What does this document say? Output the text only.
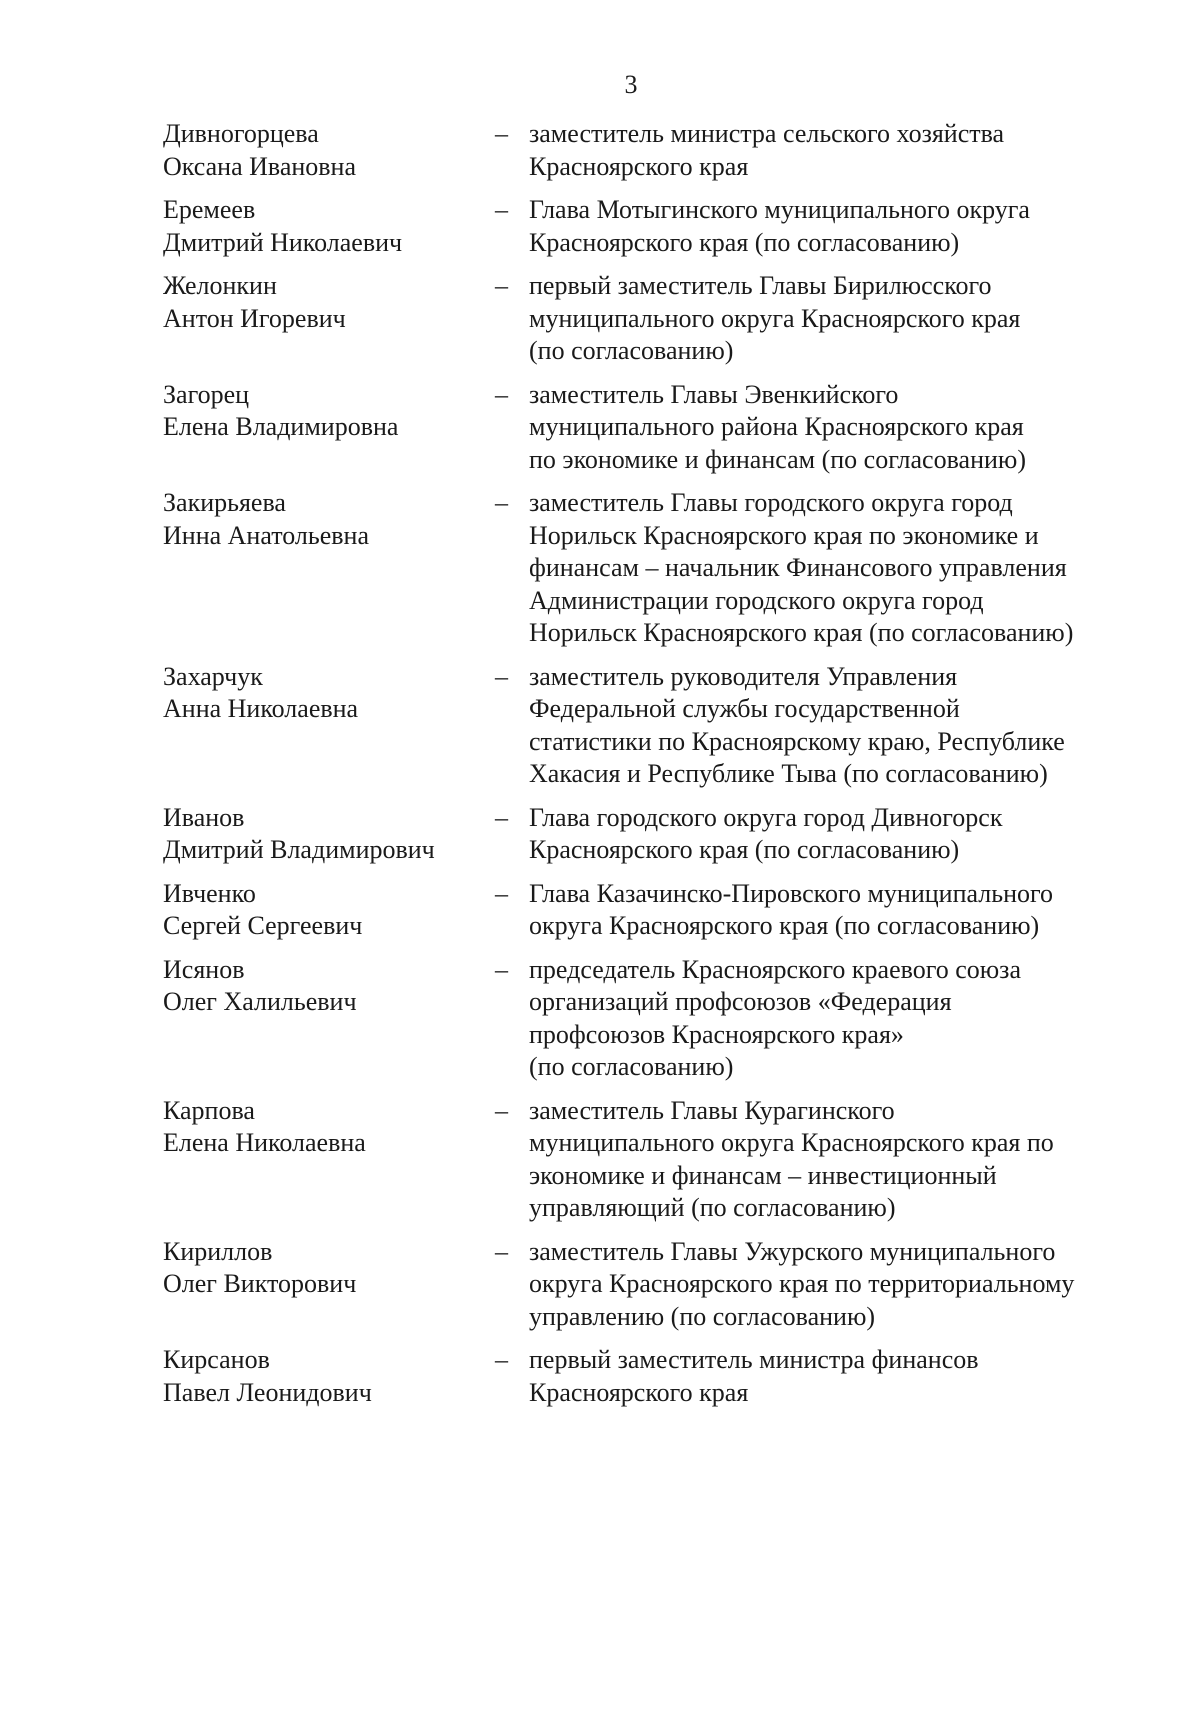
3
Дивногорцева
Оксана Ивановна
– заместитель министра сельского хозяйства
Красноярского края
Еремеев
Дмитрий Николаевич
– Глава Мотыгинского муниципального округа
Красноярского края (по согласованию)
Желонкин
Антон Игоревич
– первый заместитель Главы Бирилюсского
муниципального округа Красноярского края
(по согласованию)
Загорец
Елена Владимировна
– заместитель Главы Эвенкийского
муниципального района Красноярского края
по экономике и финансам (по согласованию)
Закирьяева
Инна Анатольевна
– заместитель Главы городского округа город
Норильск Красноярского края по экономике и
финансам – начальник Финансового управления
Администрации городского округа город
Норильск Красноярского края (по согласованию)
Захарчук
Анна Николаевна
– заместитель руководителя Управления
Федеральной службы государственной
статистики по Красноярскому краю, Республике
Хакасия и Республике Тыва (по согласованию)
Иванов
Дмитрий Владимирович
– Глава городского округа город Дивногорск
Красноярского края (по согласованию)
Ивченко
Сергей Сергеевич
– Глава Казачинско-Пировского муниципального
округа Красноярского края (по согласованию)
Исянов
Олег Халильевич
– председатель Красноярского краевого союза
организаций профсоюзов «Федерация
профсоюзов Красноярского края»
(по согласованию)
Карпова
Елена Николаевна
– заместитель Главы Курагинского
муниципального округа Красноярского края по
экономике и финансам – инвестиционный
управляющий (по согласованию)
Кириллов
Олег Викторович
– заместитель Главы Ужурского муниципального
округа Красноярского края по территориальному
управлению (по согласованию)
Кирсанов
Павел Леонидович
– первый заместитель министра финансов
Красноярского края
